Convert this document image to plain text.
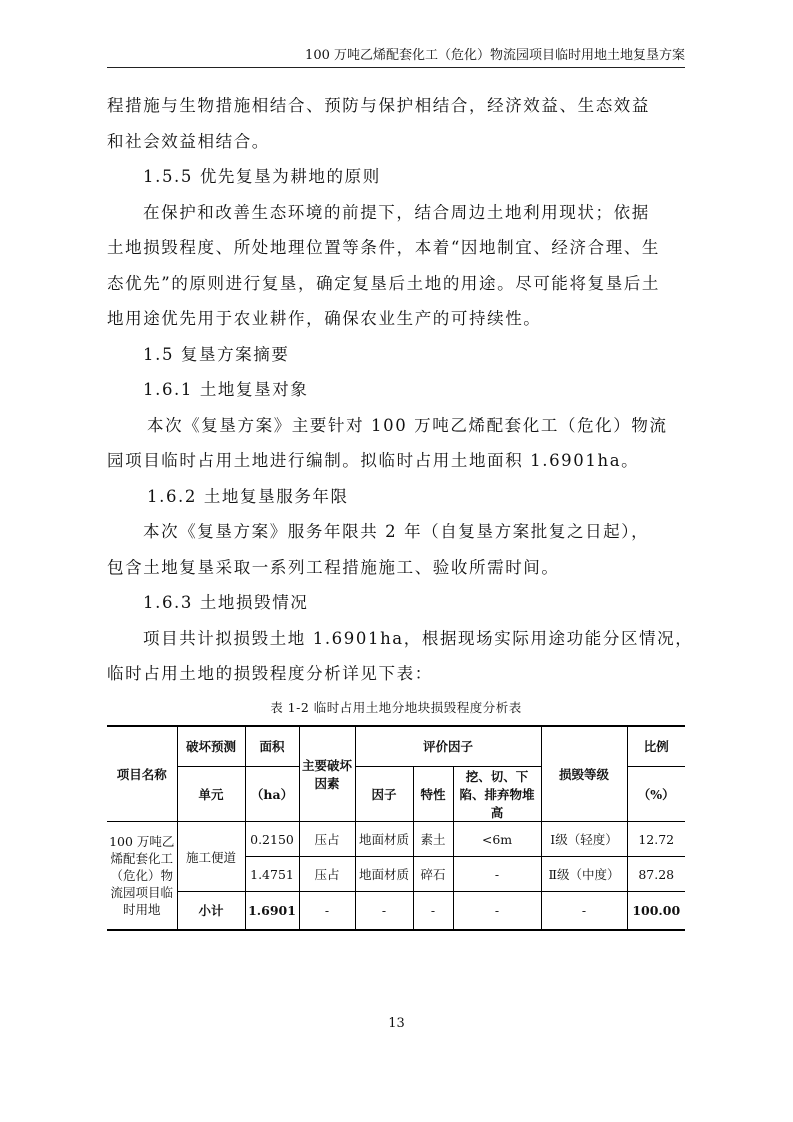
100 万吨乙烯配套化工（危化）物流园项目临时用地土地复垦方案

程措施与生物措施相结合、预防与保护相结合，经济效益、生态效益

和社会效益相结合。

1.5.5 优先复垦为耕地的原则

在保护和改善生态环境的前提下，结合周边土地利用现状；依据

土地损毁程度、所处地理位置等条件，本着“因地制宜、经济合理、生

态优先”的原则进行复垦，确定复垦后土地的用途。尽可能将复垦后土

地用途优先用于农业耕作，确保农业生产的可持续性。

1.5 复垦方案摘要

1.6.1 土地复垦对象

本次《复垦方案》主要针对 100 万吨乙烯配套化工（危化）物流

园项目临时占用土地进行编制。拟临时占用土地面积 1.6901ha。

1.6.2 土地复垦服务年限

本次《复垦方案》服务年限共 2 年（自复垦方案批复之日起），

包含土地复垦采取一系列工程措施施工、验收所需时间。

1.6.3 土地损毁情况

项目共计拟损毁土地 1.6901ha，根据现场实际用途功能分区情况，

临时占用土地的损毁程度分析详见下表：

表 1-2 临时占用土地分地块损毁程度分析表
项目名称	破坏预测	面积	主要破坏因素	评价因子			损毁等级	比例
	单元	（ha）		因子	特性	挖、切、下陷、排弃物堆高		（%）
100 万吨乙烯配套化工（危化）物流园项目临时用地	施工便道	0.2150	压占	地面材质	素土	<6m	Ⅰ级（轻度）	12.72
		1.4751	压占	地面材质	碎石	-	Ⅱ级（中度）	87.28
	小计	1.6901	-	-	-	-	-	100.00
13
